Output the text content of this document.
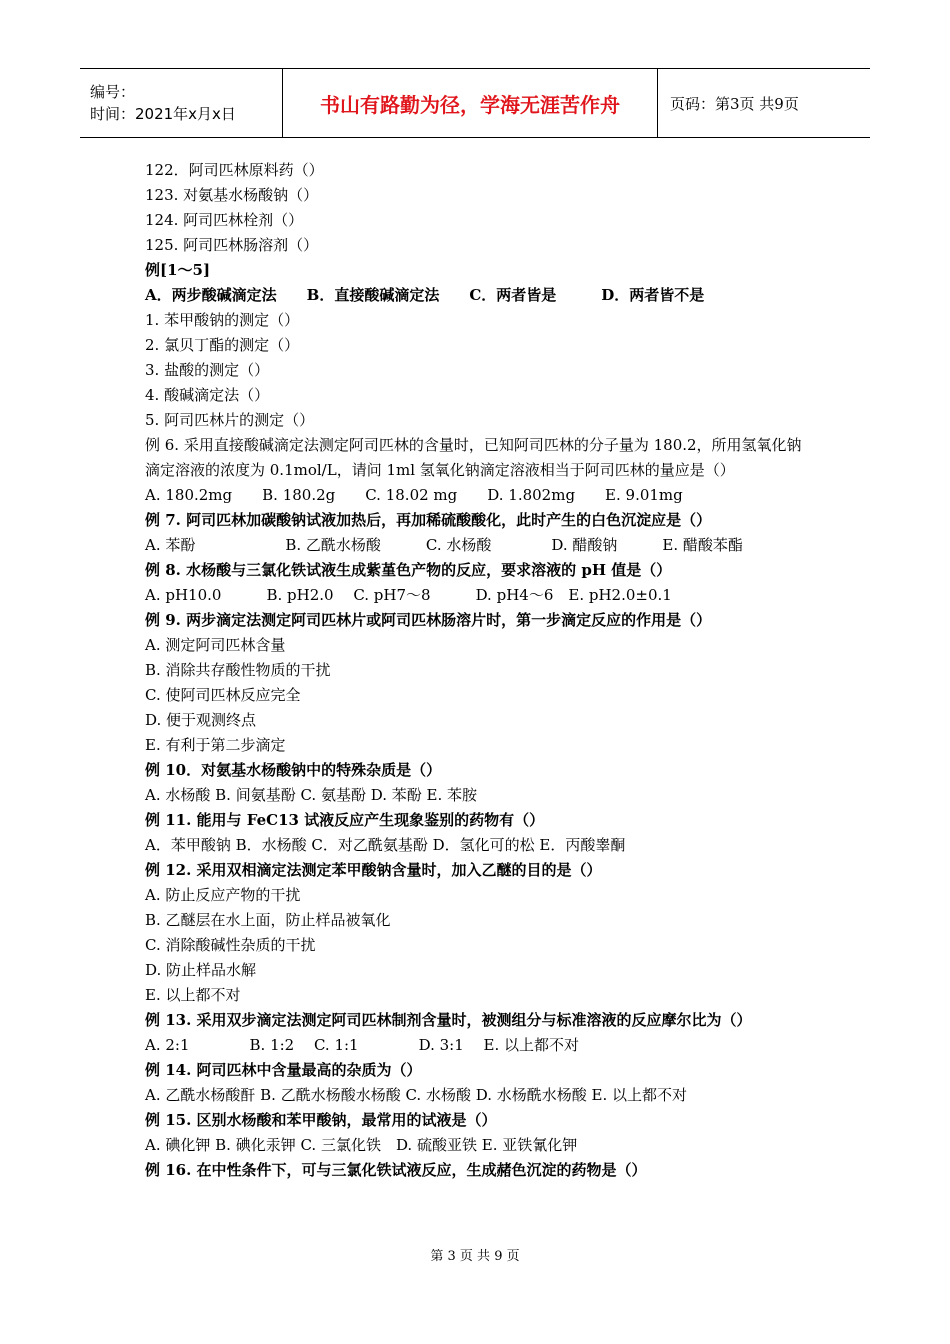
编号：
时间：2021年x月x日	书山有路勤为径，学海无涯苦作舟	页码：第3页 共9页

122．阿司匹林原料药（）

123. 对氨基水杨酸钠（）

124. 阿司匹林栓剂（）

125. 阿司匹林肠溶剂（）

例[1～5]

A．两步酸碱滴定法　　B．直接酸碱滴定法　　C．两者皆是　　　D．两者皆不是

1. 苯甲酸钠的测定（）

2. 氯贝丁酯的测定（）

3. 盐酸的测定（）

4. 酸碱滴定法（）

5. 阿司匹林片的测定（）

例 6. 采用直接酸碱滴定法测定阿司匹林的含量时，已知阿司匹林的分子量为 180.2，所用氢氧化钠滴定溶液的浓度为 0.1mol/L，请问 1ml 氢氧化钠滴定溶液相当于阿司匹林的量应是（）

A. 180.2mg　　B. 180.2g　　C. 18.02 mg　　D. 1.802mg　　E. 9.01mg

例 7. 阿司匹林加碳酸钠试液加热后，再加稀硫酸酸化，此时产生的白色沉淀应是（）

A. 苯酚　　　　　　B. 乙酰水杨酸　　　C. 水杨酸　　　　D. 醋酸钠　　　E. 醋酸苯酯

例 8. 水杨酸与三氯化铁试液生成紫堇色产物的反应，要求溶液的 pH 值是（）

A. pH10.0　　　B. pH2.0　 C. pH7～8　　　D. pH4～6　E. pH2.0±0.1

例 9. 两步滴定法测定阿司匹林片或阿司匹林肠溶片时，第一步滴定反应的作用是（）

A. 测定阿司匹林含量

B. 消除共存酸性物质的干扰

C. 使阿司匹林反应完全

D. 便于观测终点

E. 有利于第二步滴定

例 10．对氨基水杨酸钠中的特殊杂质是（）

A. 水杨酸 B. 间氨基酚 C. 氨基酚 D. 苯酚 E. 苯胺

例 11. 能用与 FeC13 试液反应产生现象鉴别的药物有（）

A．苯甲酸钠 B．水杨酸 C．对乙酰氨基酚 D．氢化可的松 E．丙酸睾酮

例 12. 采用双相滴定法测定苯甲酸钠含量时，加入乙醚的目的是（）

A. 防止反应产物的干扰

B. 乙醚层在水上面，防止样品被氧化

C. 消除酸碱性杂质的干扰

D. 防止样品水解

E. 以上都不对

例 13. 采用双步滴定法测定阿司匹林制剂含量时，被测组分与标准溶液的反应摩尔比为（）

A. 2:1　　　　B. 1:2　 C. 1:1　　　　D. 3:1　 E. 以上都不对

例 14. 阿司匹林中含量最高的杂质为（）

A. 乙酰水杨酸酐 B. 乙酰水杨酸水杨酸 C. 水杨酸 D. 水杨酰水杨酸 E. 以上都不对

例 15. 区别水杨酸和苯甲酸钠，最常用的试液是（）

A. 碘化钾 B. 碘化汞钾 C. 三氯化铁　D. 硫酸亚铁 E. 亚铁氰化钾

例 16. 在中性条件下，可与三氯化铁试液反应，生成赭色沉淀的药物是（）

第 3 页 共 9 页
